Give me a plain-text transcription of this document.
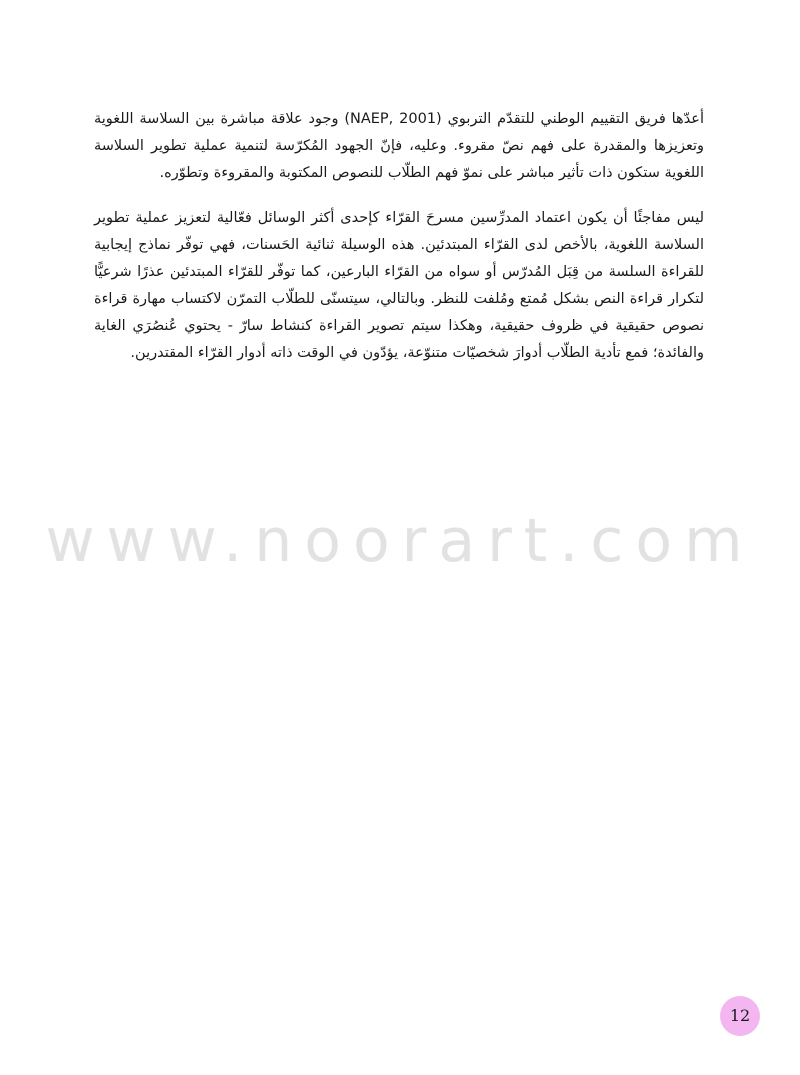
أعدّها فريق التقييم الوطني للتقدّم التربوي (NAEP, 2001) وجود علاقة مباشرة بين السلاسة اللغوية وتعزيزها والمقدرة على فهم نصّ مقروء. وعليه، فإنّ الجهود المُكرّسة لتنمية عملية تطوير السلاسة اللغوية ستكون ذات تأثير مباشر على نموّ فهم الطلّاب للنصوص المكتوبة والمقروءة وتطوّره.

ليس مفاجئًا أن يكون اعتماد المدرِّسين مسرحَ القرّاء كإحدى أكثر الوسائل فعّالية لتعزيز عملية تطوير السلاسة اللغوية، بالأخص لدى القرّاء المبتدئين. هذه الوسيلة ثنائية الحَسنات، فهي توفّر نماذج إيجابية للقراءة السلسة من قِبَل المُدرّس أو سواه من القرّاء البارعين، كما توفّر للقرّاء المبتدئين عذرًا شرعيًّا لتكرار قراءة النص بشكل مُمتع ومُلفت للنظر. وبالتالي، سيتسنّى للطلّاب التمرّن لاكتساب مهارة قراءة نصوص حقيقية في ظروف حقيقية، وهكذا سيتم تصوير القراءة كنشاط سارّ - يحتوي عُنصُرَي الغاية والفائدة؛ فمع تأدية الطلّاب أدوارَ شخصيّات متنوّعة، يؤدّون في الوقت ذاته أدوار القرّاء المقتدرين.

www.noorart.com
12
